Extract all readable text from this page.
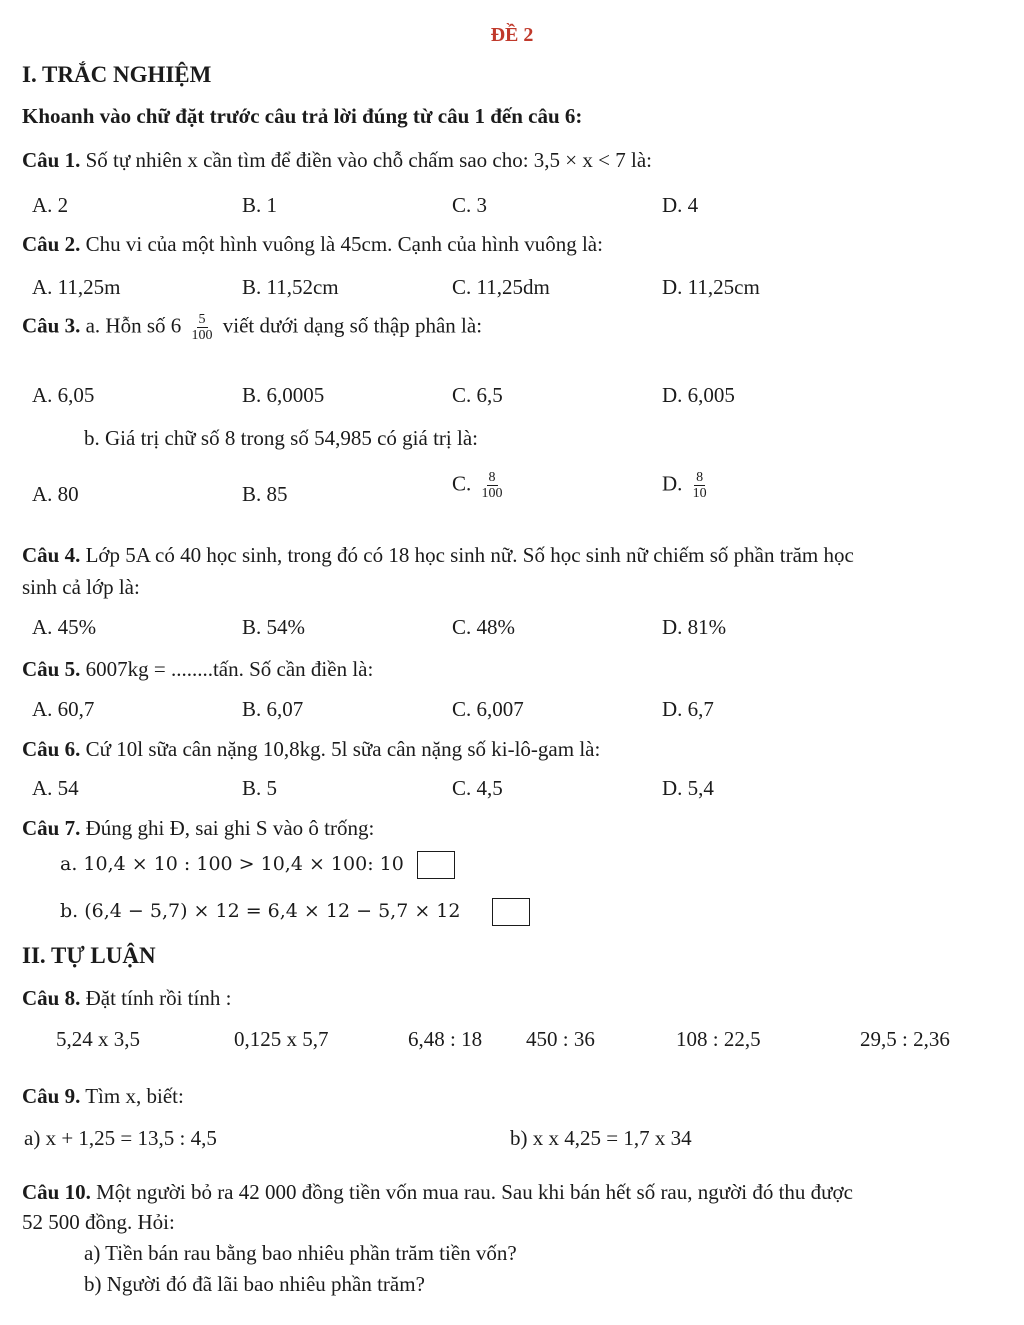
ĐỀ 2
I. TRẮC NGHIỆM
Khoanh vào chữ đặt trước câu trả lời đúng từ câu 1 đến câu 6:
Câu 1. Số tự nhiên x cần tìm để điền vào chỗ chấm sao cho: 3,5 × x < 7 là:
A. 2	B. 1	C. 3	D. 4
Câu 2. Chu vi của một hình vuông là 45cm. Cạnh của hình vuông là:
A. 11,25m	B. 11,52cm	C. 11,25dm	D. 11,25cm
Câu 3. a. Hỗn số $6 \frac{5}{100}$ viết dưới dạng số thập phân là:
A. 6,05	B. 6,0005	C. 6,5	D. 6,005
b. Giá trị chữ số 8 trong số 54,985 có giá trị là:
A. 80	B. 85	C. $\frac{8}{100}$	D. $\frac{8}{10}$
Câu 4. Lớp 5A có 40 học sinh, trong đó có 18 học sinh nữ. Số học sinh nữ chiếm số phần trăm học
sinh cả lớp là:
A. 45%	B. 54%	C. 48%	D. 81%
Câu 5. 6007kg = ........tấn. Số cần điền là:
A. 60,7	B. 6,07	C. 6,007	D. 6,7
Câu 6. Cứ 10l sữa cân nặng 10,8kg. 5l sữa cân nặng số ki-lô-gam là:
A. 54	B. 5	C. 4,5	D. 5,4
Câu 7. Đúng ghi Đ, sai ghi S vào ô trống:
a. 10,4 × 10 : 100 > 10,4 × 100: 10
b. (6,4 − 5,7) × 12 = 6,4 × 12 − 5,7 × 12
II. TỰ LUẬN
Câu 8. Đặt tính rồi tính :
5,24 x 3,5	0,125 x 5,7	6,48 : 18 450 : 36	108 : 22,5	29,5 : 2,36
Câu 9. Tìm x, biết:
a) x + 1,25 = 13,5 : 4,5	b) x x 4,25 = 1,7 x 34
Câu 10. Một người bỏ ra 42 000 đồng tiền vốn mua rau. Sau khi bán hết số rau, người đó thu được
52 500 đồng. Hỏi:
a) Tiền bán rau bằng bao nhiêu phần trăm tiền vốn?
b) Người đó đã lãi bao nhiêu phần trăm?
